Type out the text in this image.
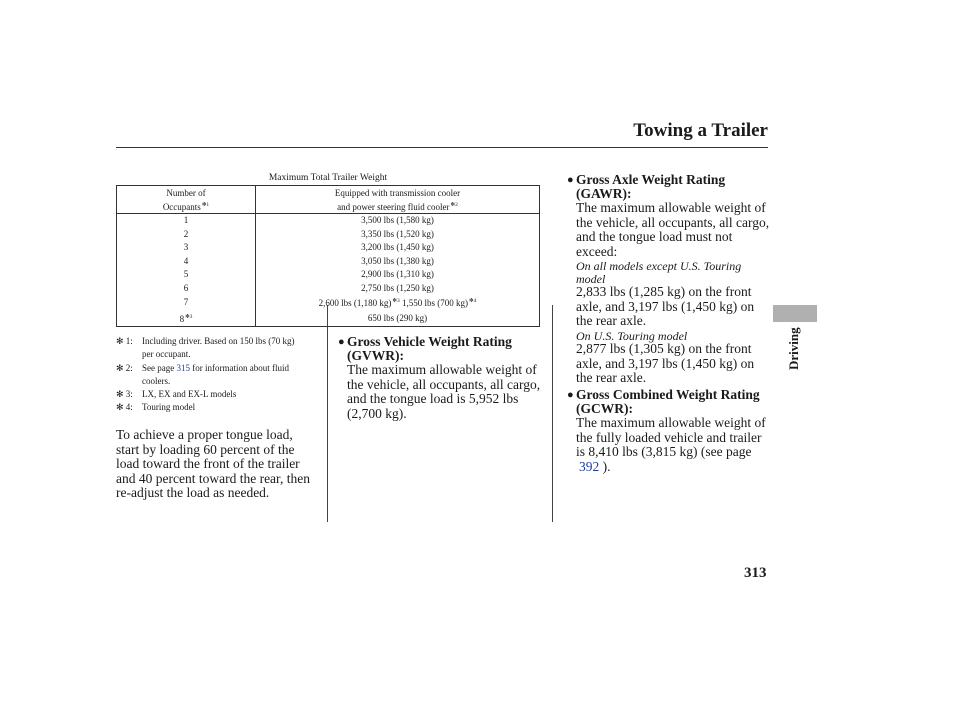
Towing a Trailer
Driving
313
Maximum Total Trailer Weight
Number of
Occupants$^{✻1}$	Equipped with transmission cooler
and power steering fluid cooler$^{✻2}$
1	3,500 lbs (1,580 kg)
2	3,350 lbs (1,520 kg)
3	3,200 lbs (1,450 kg)
4	3,050 lbs (1,380 kg)
5	2,900 lbs (1,310 kg)
6	2,750 lbs (1,250 kg)
7	2,600 lbs (1,180 kg)$^{✻3}$ 1,550 lbs (700 kg)$^{✻4}$
$8^{✻3}$	650 lbs (290 kg)
✻ 1:	Including driver. Based on 150 lbs (70 kg)
per occupant.
✻ 2:	See page 315 for information about fluid
coolers.
✻ 3:	LX, EX and EX-L models
✻ 4:	Touring model
To achieve a proper tongue load,
start by loading 60 percent of the
load toward the front of the trailer
and 40 percent toward the rear, then
re-adjust the load as needed.
● Gross Vehicle Weight Rating
(GVWR):
The maximum allowable weight of
the vehicle, all occupants, all cargo,
and the tongue load is 5,952 lbs
(2,700 kg).
● Gross Axle Weight Rating
(GAWR):
The maximum allowable weight of
the vehicle, all occupants, all cargo,
and the tongue load must not
exceed:
On all models except U.S. Touring
model
2,833 lbs (1,285 kg) on the front
axle, and 3,197 lbs (1,450 kg) on
the rear axle.
On U.S. Touring model
2,877 lbs (1,305 kg) on the front
axle, and 3,197 lbs (1,450 kg) on
the rear axle.
● Gross Combined Weight Rating
(GCWR):
The maximum allowable weight of
the fully loaded vehicle and trailer
is 8,410 lbs (3,815 kg) (see page
392 ).
